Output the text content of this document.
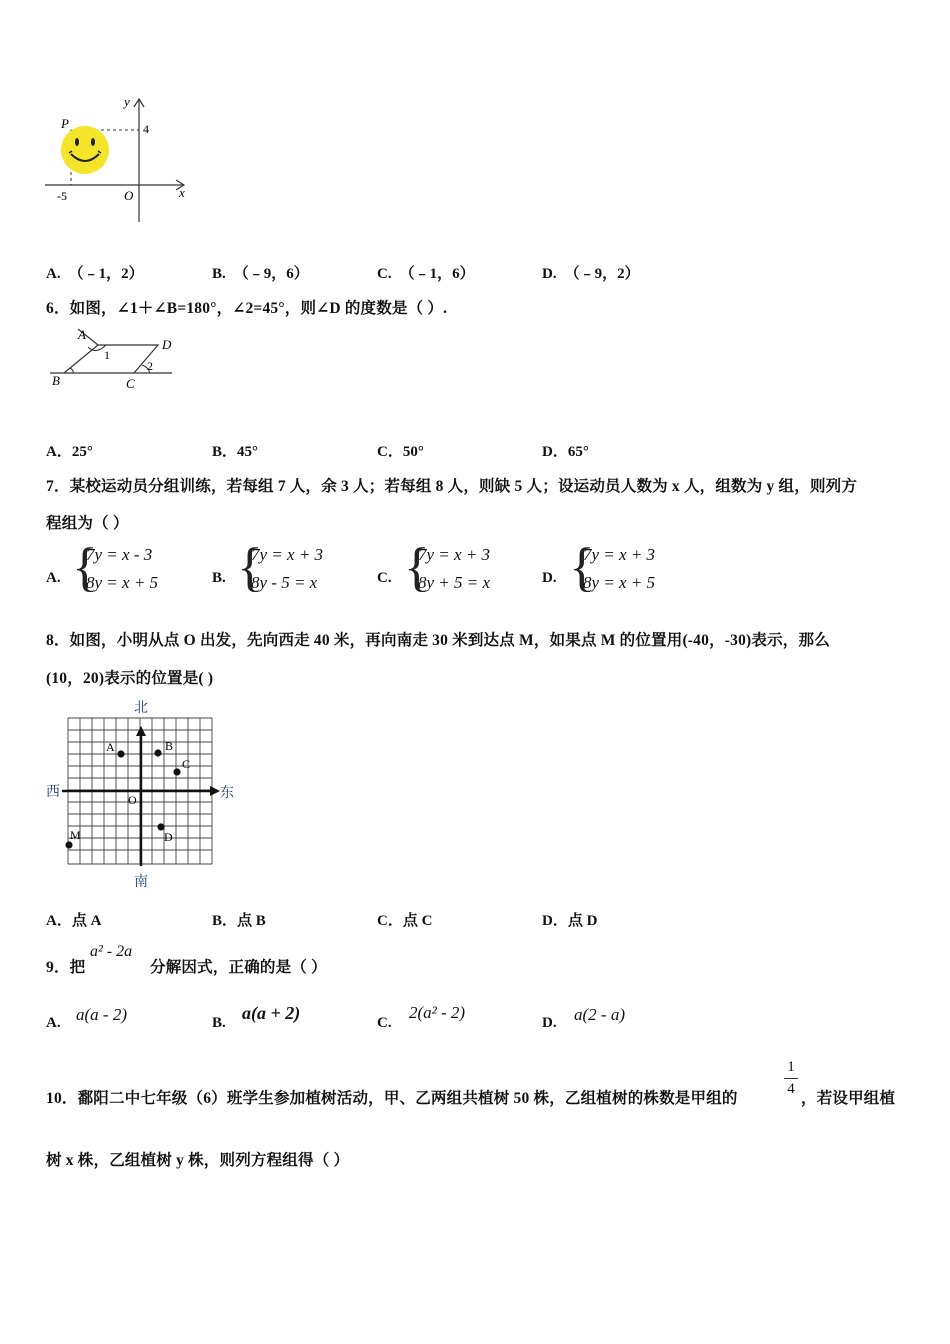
P
y
4
-5	O	x
A. （﹣1，2）	B. （﹣9，6）	C. （﹣1，6）	D. （﹣9，2）
6．如图，∠1＋∠B=180°，∠2=45°，则∠D 的度数是（ ）.
A
D
1
2
B	C
A．25°	B．45°	C．50°	D．65°
7．某校运动员分组训练，若每组 7 人，余 3 人；若每组 8 人，则缺 5 人；设运动员人数为 x 人，组数为 y 组，则列方
程组为（ ）
A. {
7y = x - 3
8y = x + 5	B. {
7y = x + 3
8y - 5 = x	C. {
7y = x + 3
8y + 5 = x	D. {
7y = x + 3
8y = x + 5
8．如图，小明从点 O 出发，先向西走 40 米，再向南走 30 米到达点 M，如果点 M 的位置用(-40，-30)表示，那么
(10，20)表示的位置是( )
北
南
西	东
A	B
C
O
D
M
A．点 A	B．点 B	C．点 C	D．点 D
9．把
a² - 2a
分解因式，正确的是（ ）
A. a(a - 2)	B. a(a + 2)	C.
2(a² - 2)
D. a(2 - a)
10．鄱阳二中七年级（6）班学生参加植树活动，甲、乙两组共植树 50 株，乙组植树的株数是甲组的
1
4
，若设甲组植
树 x 株，乙组植树 y 株，则列方程组得（ ）
